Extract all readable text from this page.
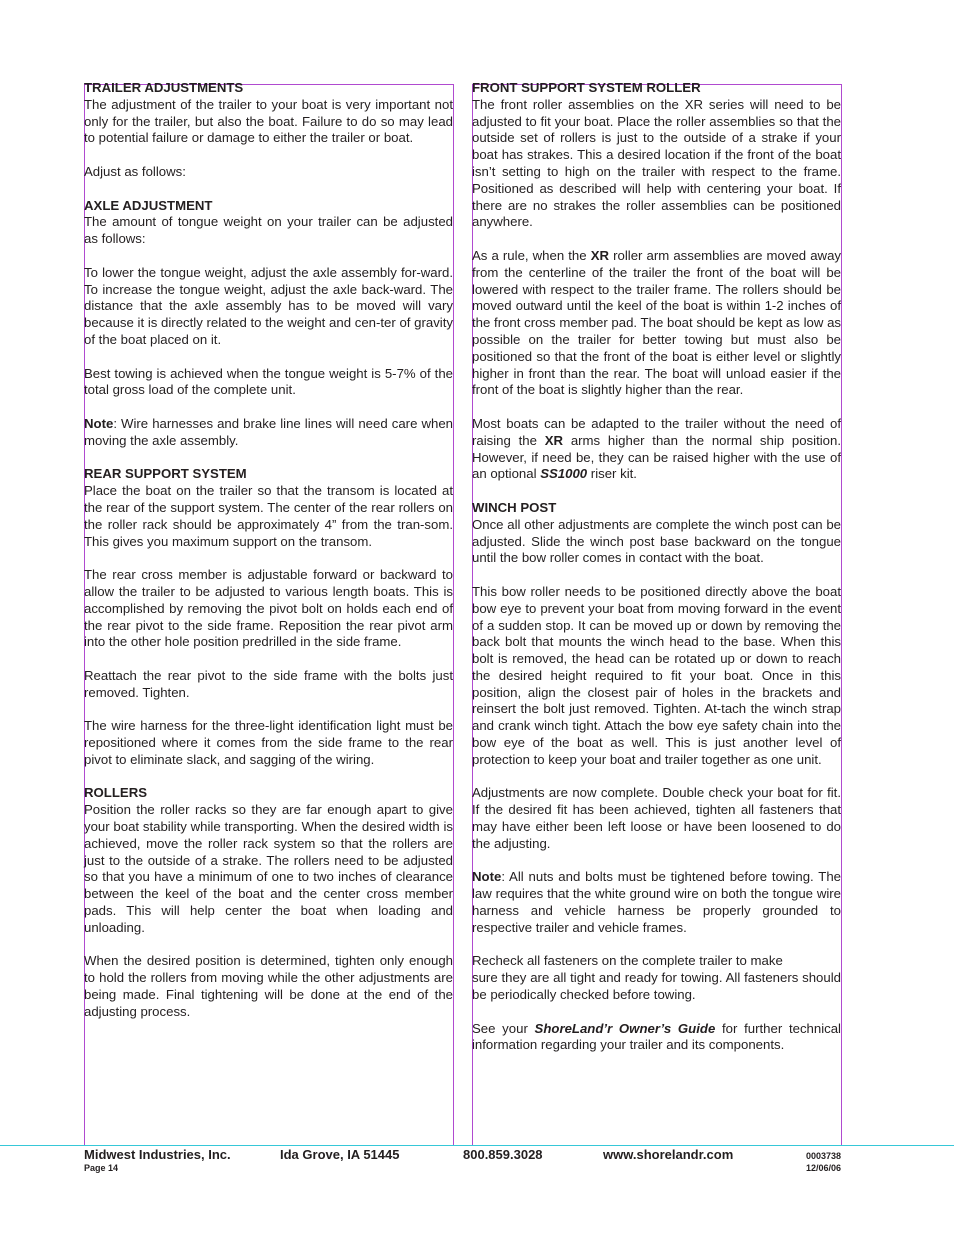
TRAILER ADJUSTMENTS

The adjustment of the trailer to your boat is very important not only for the trailer, but also the boat. Failure to do so may lead to potential failure or damage to either the trailer or boat.

Adjust as follows:

AXLE ADJUSTMENT

The amount of tongue weight on your trailer can be adjusted as follows:

To lower the tongue weight, adjust the axle assembly for-ward. To increase the tongue weight, adjust the axle back-ward. The distance that the axle assembly has to be moved will vary because it is directly related to the weight and cen-ter of gravity of the boat placed on it.

Best towing is achieved when the tongue weight is 5-7% of the total gross load of the complete unit.

Note: Wire harnesses and brake line lines will need care when moving the axle assembly.

REAR SUPPORT SYSTEM

Place the boat on the trailer so that the transom is located at the rear of the support system. The center of the rear rollers on the roller rack should be approximately 4” from the tran-som. This gives you maximum support on the transom.

The rear cross member is adjustable forward or backward to allow the trailer to be adjusted to various length boats. This is accomplished by removing the pivot bolt on holds each end of the rear pivot to the side frame. Reposition the rear pivot arm into the other hole position predrilled in the side frame.

Reattach the rear pivot to the side frame with the bolts just removed. Tighten.

The wire harness for the three-light identification light must be repositioned where it comes from the side frame to the rear pivot to eliminate slack, and sagging of the wiring.

ROLLERS

Position the roller racks so they are far enough apart to give your boat stability while transporting. When the desired width is achieved, move the roller rack system so that the rollers are just to the outside of a strake. The rollers need to be adjusted so that you have a minimum of one to two inches of clearance between the keel of the boat and the center cross member pads. This will help center the boat when loading and unloading.

When the desired position is determined, tighten only enough to hold the rollers from moving while the other adjustments are being made. Final tightening will be done at the end of the adjusting process.

FRONT SUPPORT SYSTEM ROLLER

The front roller assemblies on the XR series will need to be adjusted to fit your boat. Place the roller assemblies so that the outside set of rollers is just to the outside of a strake if your boat has strakes. This a desired location if the front of the boat isn’t setting to high on the trailer with respect to the frame. Positioned as described will help with centering your boat. If there are no strakes the roller assemblies can be positioned anywhere.

As a rule, when the XR roller arm assemblies are moved away from the centerline of the trailer the front of the boat will be lowered with respect to the trailer frame. The rollers should be moved outward until the keel of the boat is within 1-2 inches of the front cross member pad. The boat should be kept as low as possible on the trailer for better towing but must also be positioned so that the front of the boat is either level or slightly higher in front than the rear. The boat will unload easier if the front of the boat is slightly higher than the rear.

Most boats can be adapted to the trailer without the need of raising the XR arms higher than the normal ship position. However, if need be, they can be raised higher with the use of an optional SS1000 riser kit.

WINCH POST

Once all other adjustments are complete the winch post can be adjusted. Slide the winch post base backward on the tongue until the bow roller comes in contact with the boat.

This bow roller needs to be positioned directly above the boat bow eye to prevent your boat from moving forward in the event of a sudden stop. It can be moved up or down by removing the back bolt that mounts the winch head to the base. When this bolt is removed, the head can be rotated up or down to reach the desired height required to fit your boat. Once in this position, align the closest pair of holes in the brackets and reinsert the bolt just removed. Tighten. At-tach the winch strap and crank winch tight. Attach the bow eye safety chain into the bow eye of the boat as well. This is just another level of protection to keep your boat and trailer together as one unit.

Adjustments are now complete. Double check your boat for fit. If the desired fit has been achieved, tighten all fasteners that may have either been left loose or have been loosened to do the adjusting.

Note: All nuts and bolts must be tightened before towing. The law requires that the white ground wire on both the tongue wire harness and vehicle harness be properly grounded to respective trailer and vehicle frames.

Recheck all fasteners on the complete trailer to make
sure they are all tight and ready for towing. All fasteners should be periodically checked before towing.

See your ShoreLand’r Owner’s Guide for further technical information regarding your trailer and its components.

Midwest Industries, Inc.	Ida Grove, IA 51445	800.859.3028	www.shorelandr.com	0003738
Page 14	12/06/06
